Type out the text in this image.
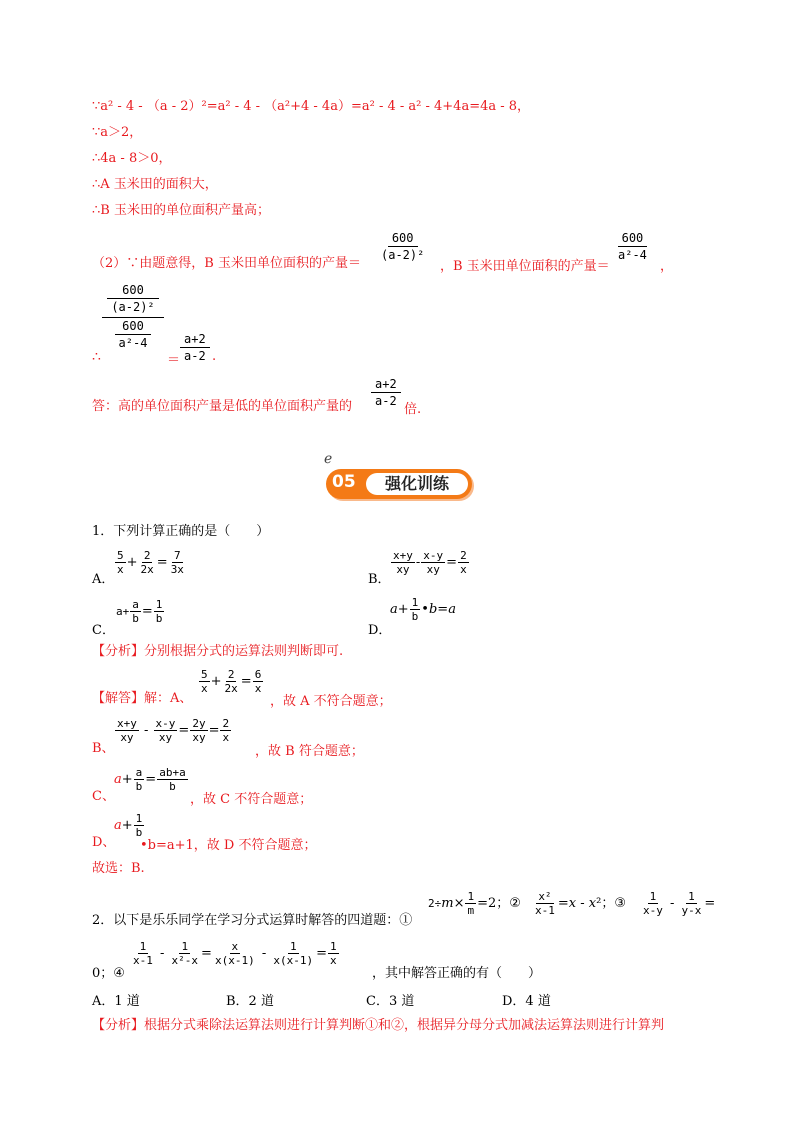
∵a² - 4 - （a - 2）²=a² - 4 - （a²+4 - 4a）=a² - 4 - a² - 4+4a=4a - 8，
∵a＞2，
∴4a - 8＞0，
∴A 玉米田的面积大，
∴B 玉米田的单位面积产量高；
（2）∵由题意得，B 玉米田单位面积的产量＝
$\frac{600}{\text{(a-2)²}}$
，B 玉米田单位面积的产量＝
$\frac{600}{\text{a²-4}}$
，
600
(a-2)²
600
a²-4
∴	＝ $\frac{a+2}{a-2}$ .
答：高的单位面积产量是低的单位面积产量的 $\frac{a+2}{a-2}$
倍.
ℯ
05	强化训练
1．下列计算正确的是（　　）
A．
$\frac{5}{x} + \frac{2}{2x} = \frac{7}{3x}$
B．
$\frac{x+y}{xy} - \frac{x-y}{xy} = \frac{2}{x}$
C．
$a+ \frac{a}{b} = \frac{1}{b}$
D．
$a+ \frac{1}{b}$ •b=a
【分析】分别根据分式的运算法则判断即可.
【解答】解：A、
$\frac{5}{x} + \frac{2}{2x} = \frac{6}{x}$
，故 A 不符合题意；
B、
$\frac{x+y}{xy} - \frac{x-y}{xy} = \frac{2y}{xy} = \frac{2}{x}$
，故 B 符合题意；
C、
$a+ \frac{a}{b} = \frac{ab+a}{b}$
，故 C 不符合题意；
D、
$a+ \frac{1}{b}$
•b=a+1，故 D 不符合题意；
故选：B.
2．以下是乐乐同学在学习分式运算时解答的四道题：①
$2\div m\times \frac{1}{m} =2$；② $\frac{\text{x²}}{x-1} =x - x^2$；③ $\frac{1}{x-y} - \frac{1}{y-x}$ =
0；④
$\frac{1}{x-1} - \frac{1}{\text{x²-x}} = \frac{x}{x(x-1)} - \frac{1}{x(x-1)} = \frac{1}{x}$
，其中解答正确的有（　　）
A．1 道	B．2 道	C．3 道	D．4 道
【分析】根据分式乘除法运算法则进行计算判断①和②，根据异分母分式加减法运算法则进行计算判
